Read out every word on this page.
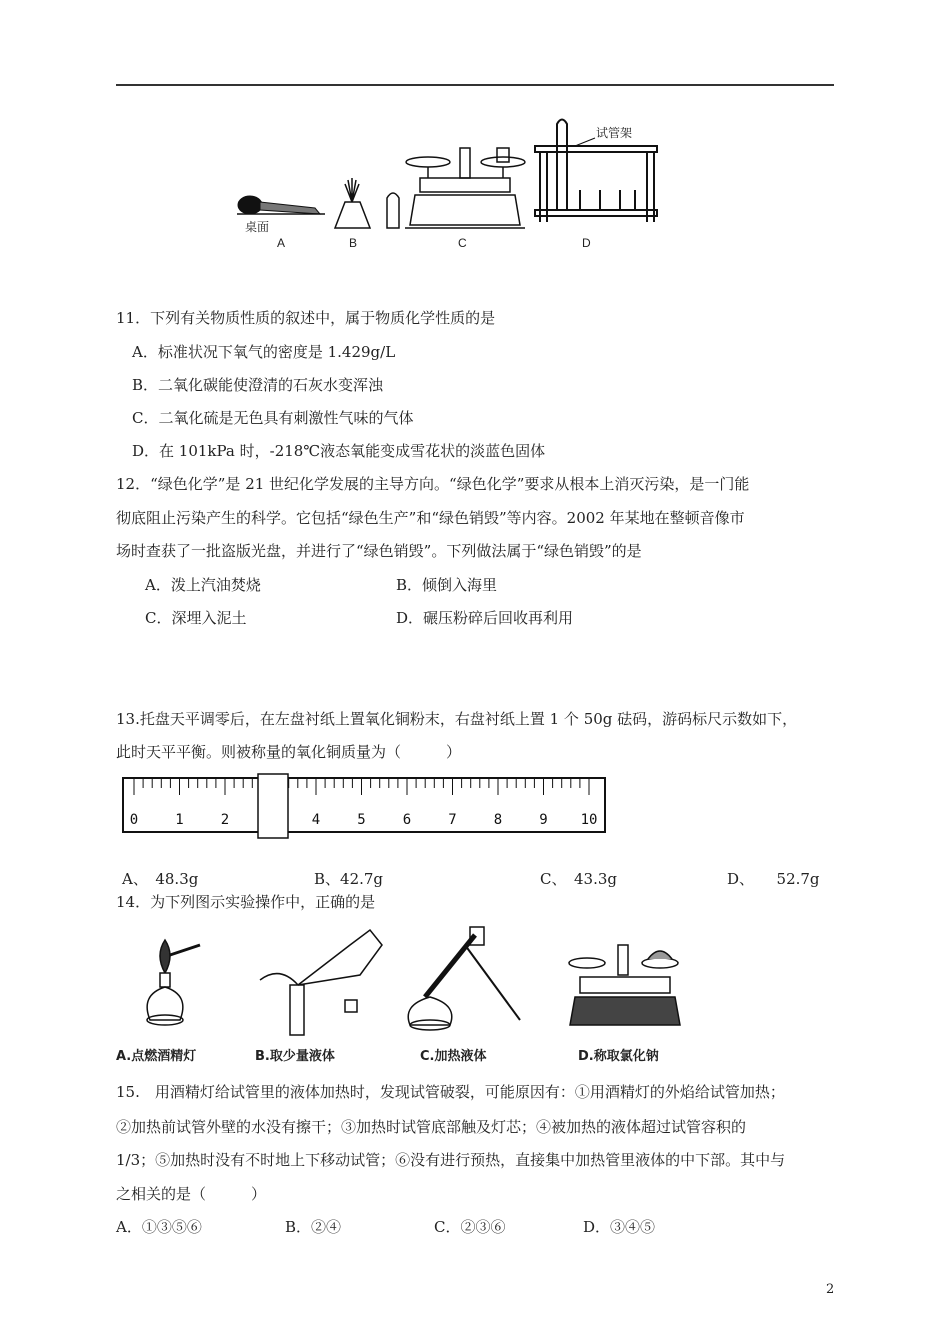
桌面
试管架
A	B	C	D
11．下列有关物质性质的叙述中，属于物质化学性质的是
A．标准状况下氧气的密度是 1.429g/L
B．二氧化碳能使澄清的石灰水变浑浊
C．二氧化硫是无色具有刺激性气味的气体
D．在 101kPa 时，-218℃液态氧能变成雪花状的淡蓝色固体
12．“绿色化学”是 21 世纪化学发展的主导方向。“绿色化学”要求从根本上消灭污染，是一门能
彻底阻止污染产生的科学。它包括“绿色生产”和“绿色销毁”等内容。2002 年某地在整顿音像市
场时查获了一批盗版光盘，并进行了“绿色销毁”。下列做法属于“绿色销毁”的是
A．泼上汽油焚烧	B．倾倒入海里
C．深埋入泥土	D．碾压粉碎后回收再利用
13.托盘天平调零后，在左盘衬纸上置氧化铜粉末，右盘衬纸上置 1 个 50g 砝码，游码标尺示数如下，
此时天平平衡。则被称量的氧化铜质量为（　　　）
0	1	2	4	5	6	7	8	9 10
A、　48.3g	B、42.7g	C、　43.3g	D、　　52.7g
14．为下列图示实验操作中，正确的是
A.点燃酒精灯	B.取少量液体	C.加热液体	D.称取氯化钠
15.　用酒精灯给试管里的液体加热时，发现试管破裂，可能原因有：①用酒精灯的外焰给试管加热；
②加热前试管外壁的水没有擦干；③加热时试管底部触及灯芯；④被加热的液体超过试管容积的
1/3；⑤加热时没有不时地上下移动试管；⑥没有进行预热，直接集中加热管里液体的中下部。其中与
之相关的是（　　　）
A．①③⑤⑥	B．②④	C．②③⑥	D．③④⑤
2
